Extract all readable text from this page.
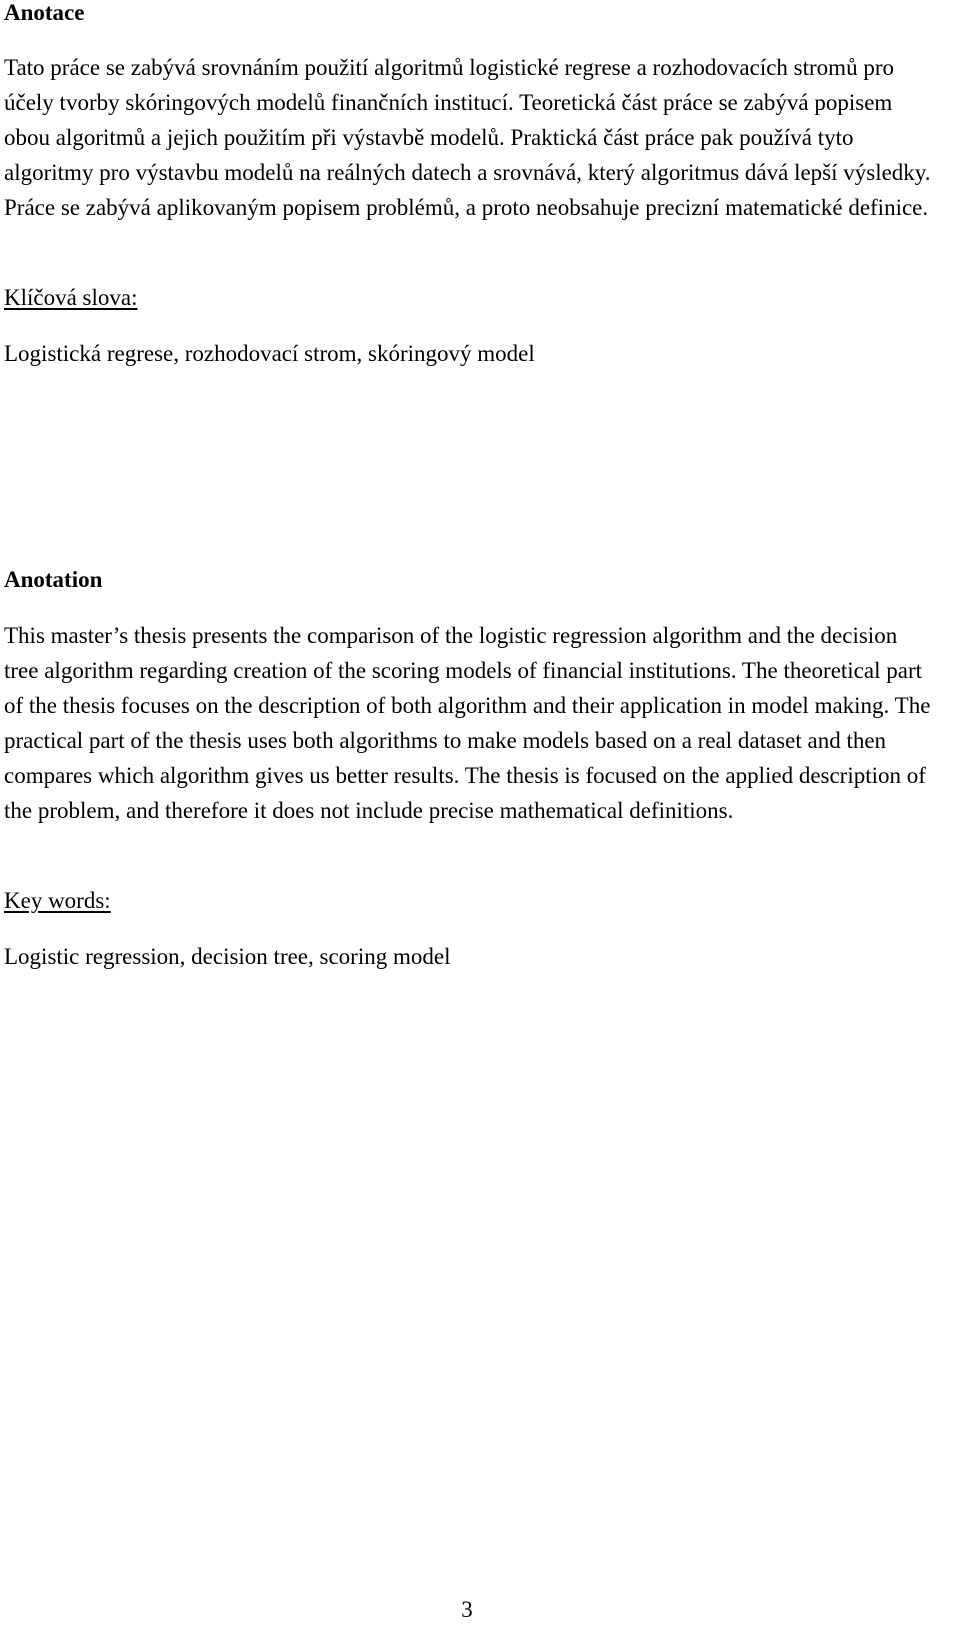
Anotace

Tato práce se zabývá srovnáním použití algoritmů logistické regrese a rozhodovacích stromů pro účely tvorby skóringových modelů finančních institucí. Teoretická část práce se zabývá popisem obou algoritmů a jejich použitím při výstavbě modelů. Praktická část práce pak používá tyto algoritmy pro výstavbu modelů na reálných datech a srovnává, který algoritmus dává lepší výsledky. Práce se zabývá aplikovaným popisem problémů, a proto neobsahuje precizní matematické definice.

Klíčová slova:

Logistická regrese, rozhodovací strom, skóringový model

Anotation

This master’s thesis presents the comparison of the logistic regression algorithm and the decision tree algorithm regarding creation of the scoring models of financial institutions. The theoretical part of the thesis focuses on the description of both algorithm and their application in model making. The practical part of the thesis uses both algorithms to make models based on a real dataset and then compares which algorithm gives us better results. The thesis is focused on the applied description of the problem, and therefore it does not include precise mathematical definitions.

Key words:

Logistic regression, decision tree, scoring model

3
